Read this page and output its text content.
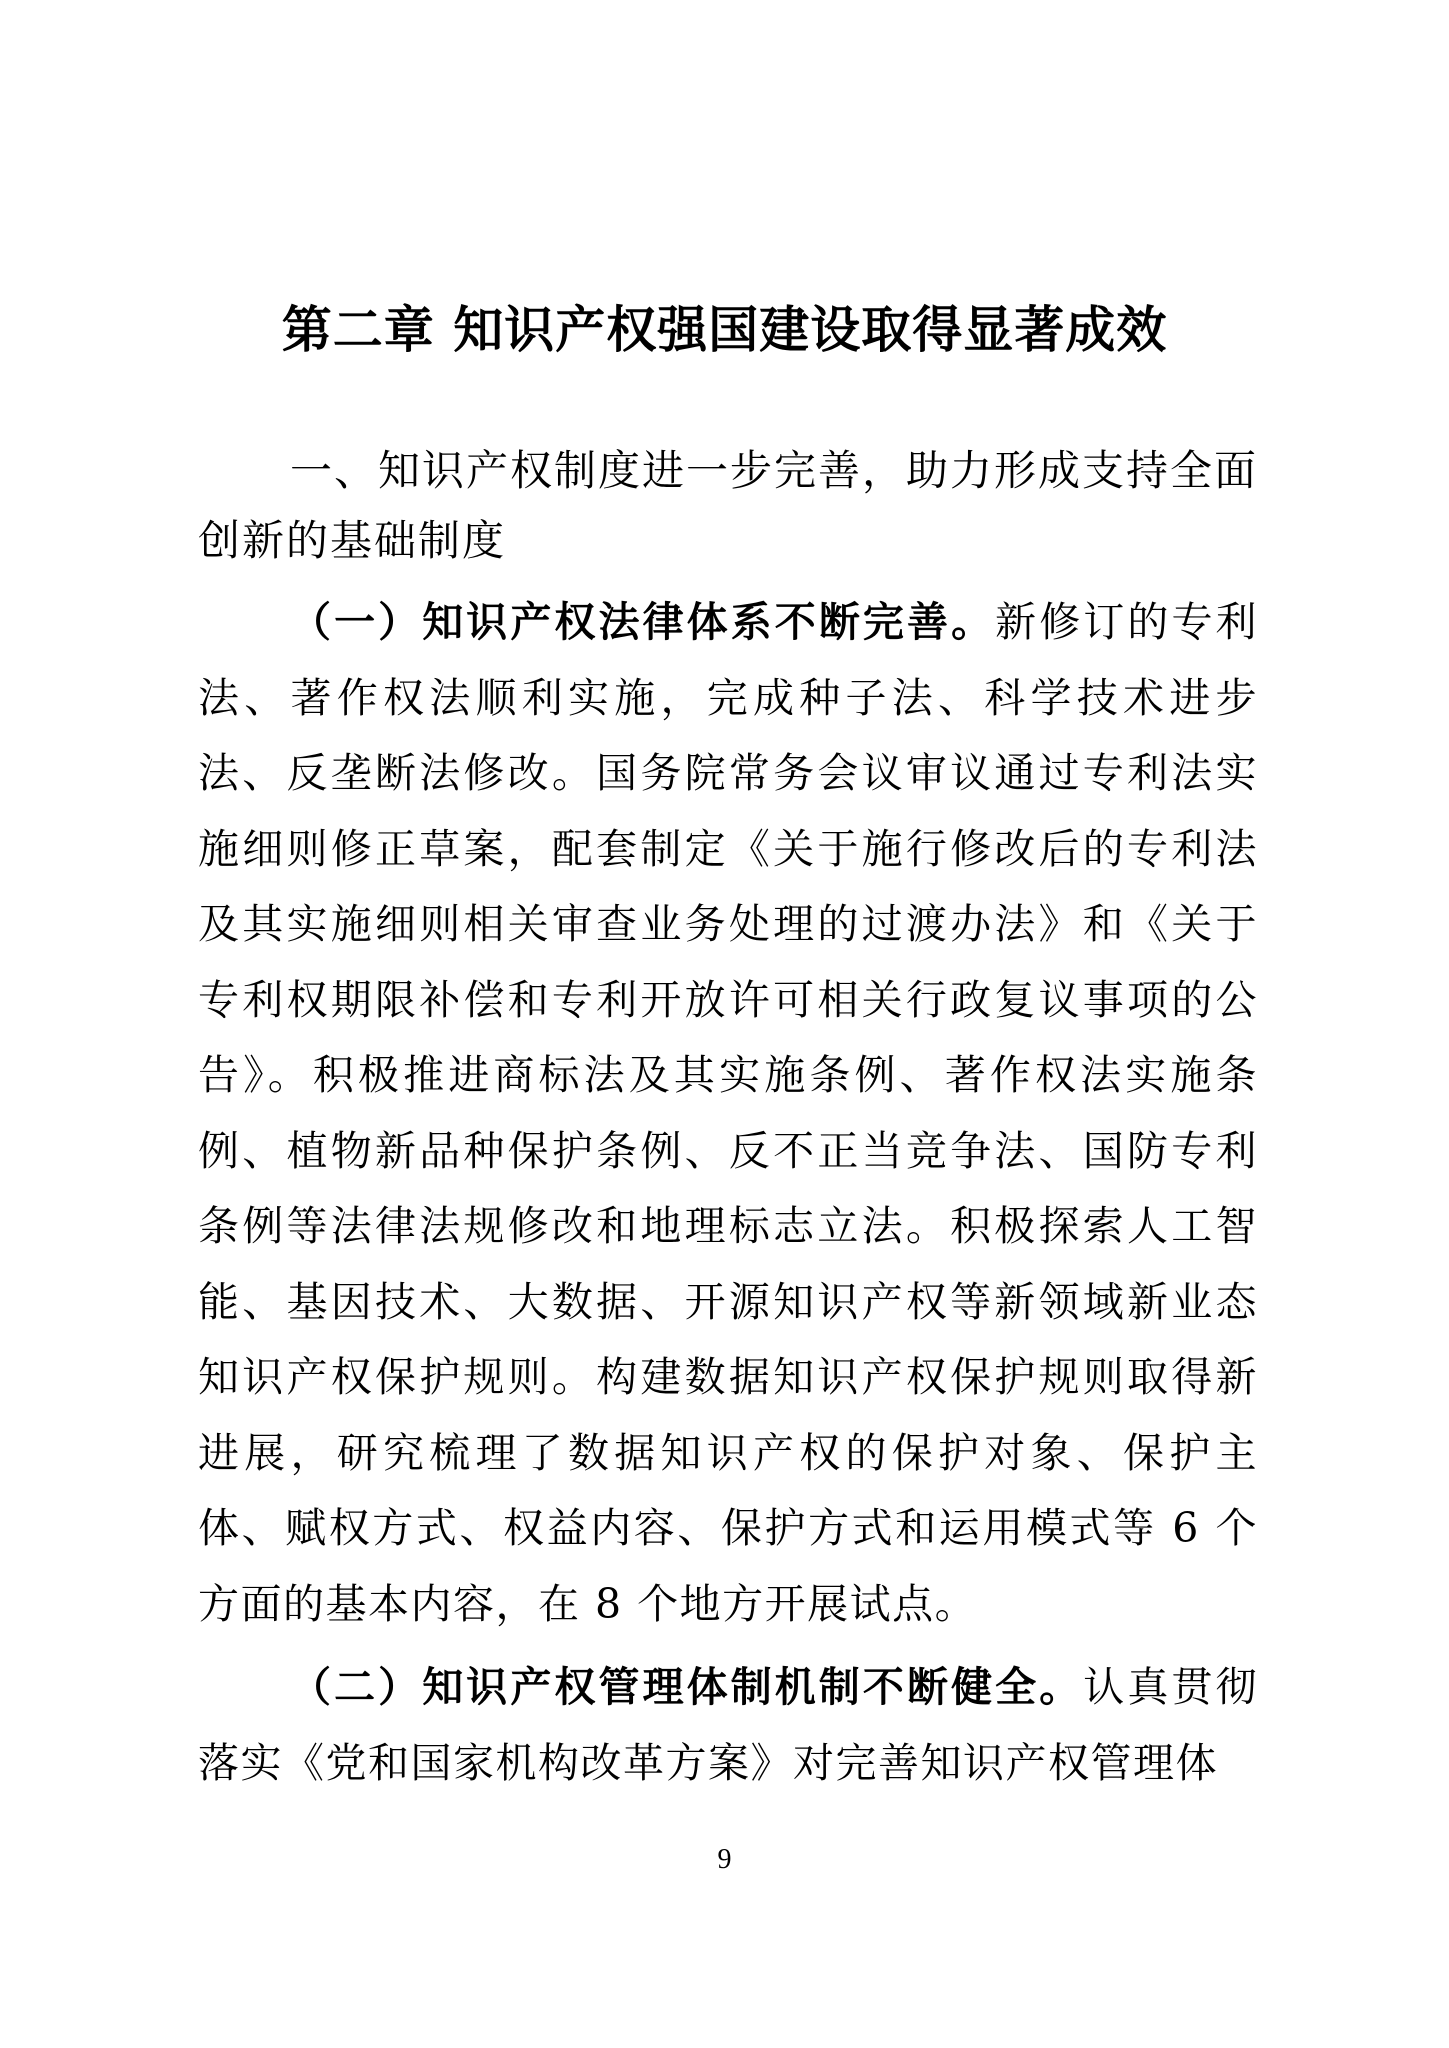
第二章 知识产权强国建设取得显著成效

一、知识产权制度进一步完善，助力形成支持全面创新的基础制度

（一）知识产权法律体系不断完善。新修订的专利法、著作权法顺利实施，完成种子法、科学技术进步法、反垄断法修改。国务院常务会议审议通过专利法实施细则修正草案，配套制定《关于施行修改后的专利法及其实施细则相关审查业务处理的过渡办法》和《关于专利权期限补偿和专利开放许可相关行政复议事项的公告》。积极推进商标法及其实施条例、著作权法实施条例、植物新品种保护条例、反不正当竞争法、国防专利条例等法律法规修改和地理标志立法。积极探索人工智能、基因技术、大数据、开源知识产权等新领域新业态知识产权保护规则。构建数据知识产权保护规则取得新进展，研究梳理了数据知识产权的保护对象、保护主体、赋权方式、权益内容、保护方式和运用模式等 6 个方面的基本内容，在 8 个地方开展试点。

（二）知识产权管理体制机制不断健全。认真贯彻落实《党和国家机构改革方案》对完善知识产权管理体

9
